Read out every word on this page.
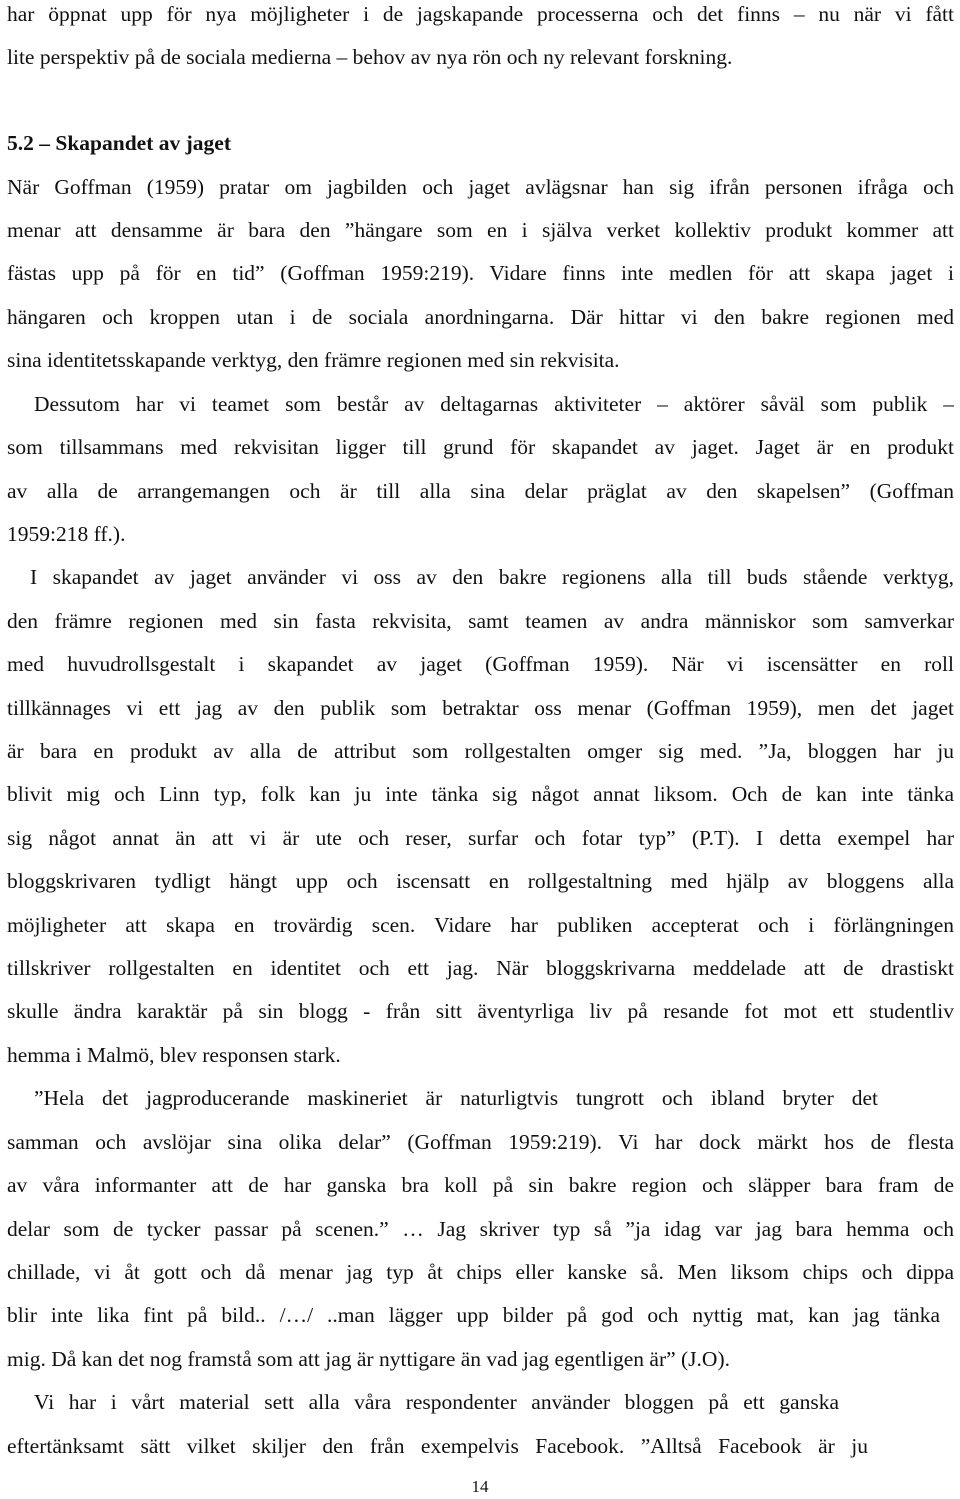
har öppnat upp för nya möjligheter i de jagskapande processerna och det finns – nu när vi fått
lite perspektiv på de sociala medierna – behov av nya rön och ny relevant forskning.
5.2 – Skapandet av jaget
När Goffman (1959) pratar om jagbilden och jaget avlägsnar han sig ifrån personen ifråga och
menar att densamme är bara den ”hängare som en i själva verket kollektiv produkt kommer att
fästas upp på för en tid” (Goffman 1959:219). Vidare finns inte medlen för att skapa jaget i
hängaren och kroppen utan i de sociala anordningarna. Där hittar vi den bakre regionen med
sina identitetsskapande verktyg, den främre regionen med sin rekvisita.
Dessutom har vi teamet som består av deltagarnas aktiviteter – aktörer såväl som publik –
som tillsammans med rekvisitan ligger till grund för skapandet av jaget. Jaget är en produkt
av alla de arrangemangen och är till alla sina delar präglat av den skapelsen” (Goffman
1959:218 ff.).
I skapandet av jaget använder vi oss av den bakre regionens alla till buds stående verktyg,
den främre regionen med sin fasta rekvisita, samt teamen av andra människor som samverkar
med huvudrollsgestalt i skapandet av jaget (Goffman 1959). När vi iscensätter en roll
tillkännages vi ett jag av den publik som betraktar oss menar (Goffman 1959), men det jaget
är bara en produkt av alla de attribut som rollgestalten omger sig med. ”Ja, bloggen har ju
blivit mig och Linn typ, folk kan ju inte tänka sig något annat liksom. Och de kan inte tänka
sig något annat än att vi är ute och reser, surfar och fotar typ” (P.T). I detta exempel har
bloggskrivaren tydligt hängt upp och iscensatt en rollgestaltning med hjälp av bloggens alla
möjligheter att skapa en trovärdig scen. Vidare har publiken accepterat och i förlängningen
tillskriver rollgestalten en identitet och ett jag. När bloggskrivarna meddelade att de drastiskt
skulle ändra karaktär på sin blogg - från sitt äventyrliga liv på resande fot mot ett studentliv
hemma i Malmö, blev responsen stark.
”Hela det jagproducerande maskineriet är naturligtvis tungrott och ibland bryter det
samman och avslöjar sina olika delar” (Goffman 1959:219). Vi har dock märkt hos de flesta
av våra informanter att de har ganska bra koll på sin bakre region och släpper bara fram de
delar som de tycker passar på scenen.” … Jag skriver typ så ”ja idag var jag bara hemma och
chillade, vi åt gott och då menar jag typ åt chips eller kanske så. Men liksom chips och dippa
blir inte lika fint på bild.. /…/ ..man lägger upp bilder på god och nyttig mat, kan jag tänka
mig. Då kan det nog framstå som att jag är nyttigare än vad jag egentligen är” (J.O).
Vi har i vårt material sett alla våra respondenter använder bloggen på ett ganska
eftertänksamt sätt vilket skiljer den från exempelvis Facebook. ”Alltså Facebook är ju
14
